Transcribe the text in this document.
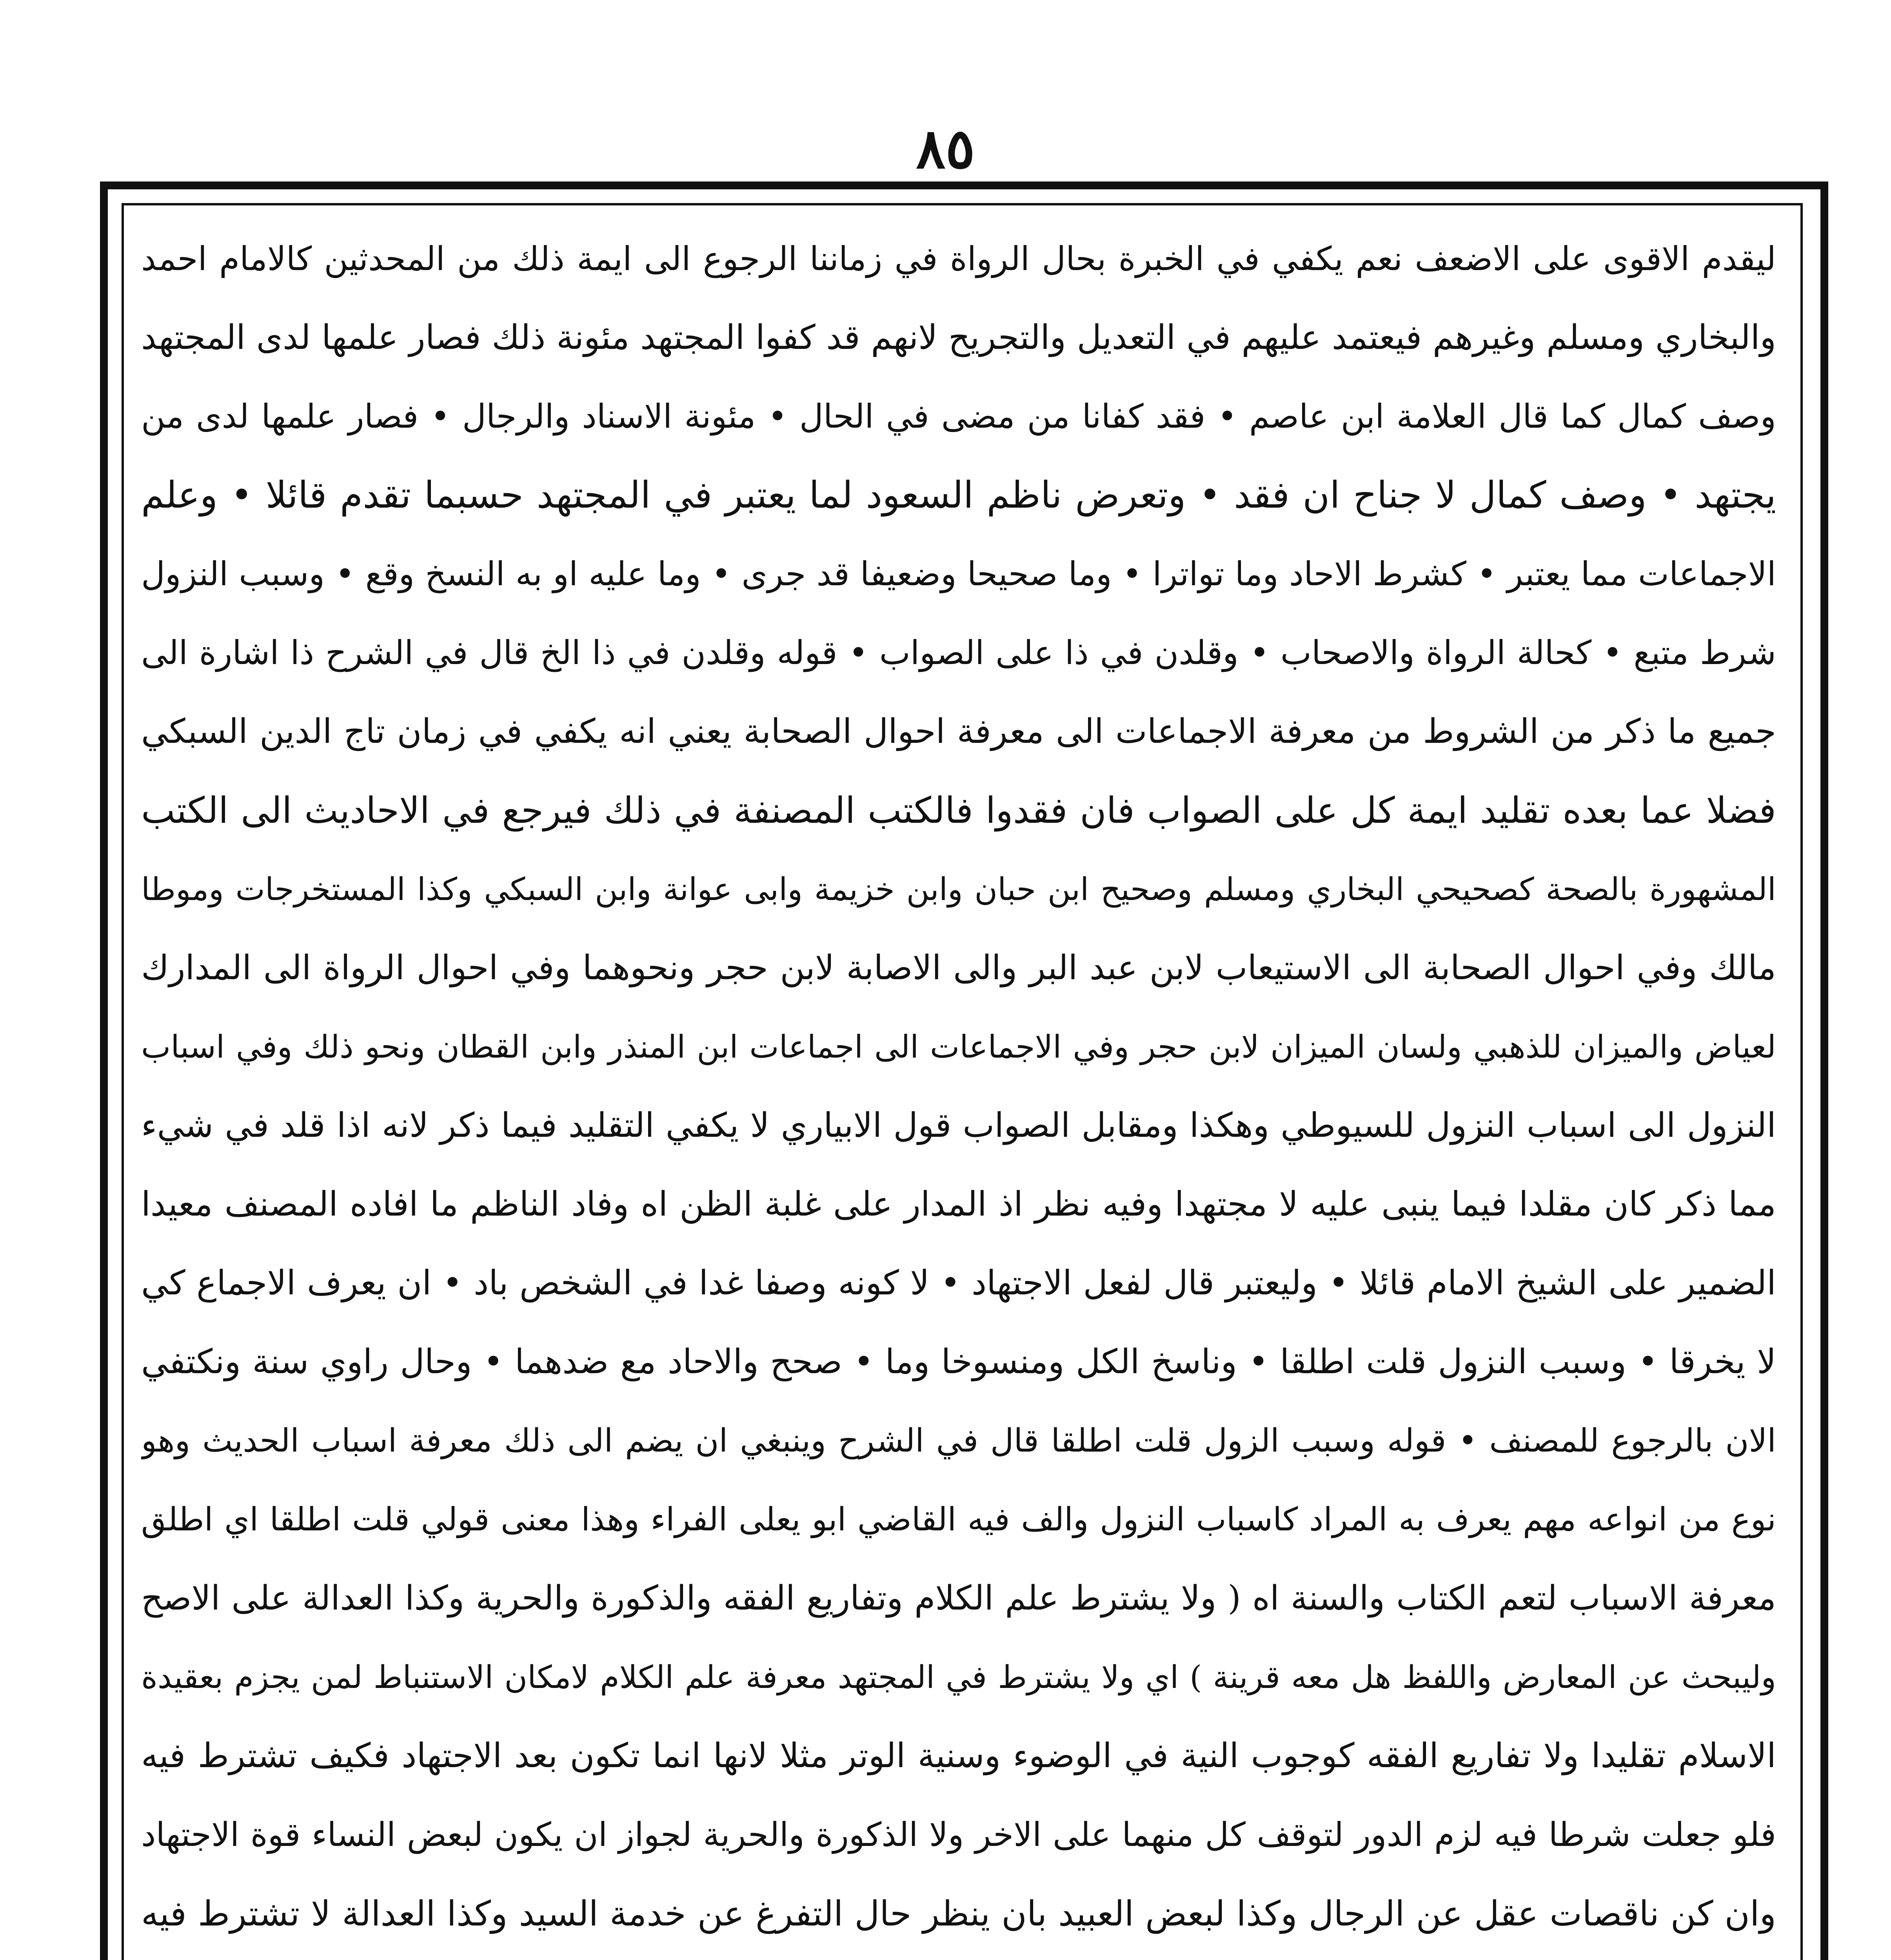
٨٥
ليقدم الاقوى على الاضعف نعم يكفي في الخبرة بحال الرواة في زماننا الرجوع الى ايمة ذلك من المحدثين كالامام احمد
والبخاري ومسلم وغيرهم فيعتمد عليهم في التعديل والتجريح لانهم قد كفوا المجتهد مئونة ذلك فصار علمها لدى المجتهد
وصف كمال كما قال العلامة ابن عاصم • فقد كفانا من مضى في الحال • مئونة الاسناد والرجال • فصار علمها لدى من
يجتهد • وصف كمال لا جناح ان فقد • وتعرض ناظم السعود لما يعتبر في المجتهد حسبما تقدم قائلا • وعلم
الاجماعات مما يعتبر • كشرط الاحاد وما تواترا • وما صحيحا وضعيفا قد جرى • وما عليه او به النسخ وقع • وسبب النزول
شرط متبع • كحالة الرواة والاصحاب • وقلدن في ذا على الصواب • قوله وقلدن في ذا الخ قال في الشرح ذا اشارة الى
جميع ما ذكر من الشروط من معرفة الاجماعات الى معرفة احوال الصحابة يعني انه يكفي في زمان تاج الدين السبكي
فضلا عما بعده تقليد ايمة كل على الصواب فان فقدوا فالكتب المصنفة في ذلك فيرجع في الاحاديث الى الكتب
المشهورة بالصحة كصحيحي البخاري ومسلم وصحيح ابن حبان وابن خزيمة وابى عوانة وابن السبكي وكذا المستخرجات وموطا
مالك وفي احوال الصحابة الى الاستيعاب لابن عبد البر والى الاصابة لابن حجر ونحوهما وفي احوال الرواة الى المدارك
لعياض والميزان للذهبي ولسان الميزان لابن حجر وفي الاجماعات الى اجماعات ابن المنذر وابن القطان ونحو ذلك وفي اسباب
النزول الى اسباب النزول للسيوطي وهكذا ومقابل الصواب قول الابياري لا يكفي التقليد فيما ذكر لانه اذا قلد في شيء
مما ذكر كان مقلدا فيما ينبى عليه لا مجتهدا وفيه نظر اذ المدار على غلبة الظن اه وفاد الناظم ما افاده المصنف معيدا
الضمير على الشيخ الامام قائلا • وليعتبر قال لفعل الاجتهاد • لا كونه وصفا غدا في الشخص باد • ان يعرف الاجماع كي
لا يخرقا • وسبب النزول قلت اطلقا • وناسخ الكل ومنسوخا وما • صحح والاحاد مع ضدهما • وحال راوي سنة ونكتفي
الان بالرجوع للمصنف • قوله وسبب الزول قلت اطلقا قال في الشرح وينبغي ان يضم الى ذلك معرفة اسباب الحديث وهو
نوع من انواعه مهم يعرف به المراد كاسباب النزول والف فيه القاضي ابو يعلى الفراء وهذا معنى قولي قلت اطلقا اي اطلق
معرفة الاسباب لتعم الكتاب والسنة اه ( ولا يشترط علم الكلام وتفاريع الفقه والذكورة والحرية وكذا العدالة على الاصح
وليبحث عن المعارض واللفظ هل معه قرينة ) اي ولا يشترط في المجتهد معرفة علم الكلام لامكان الاستنباط لمن يجزم بعقيدة
الاسلام تقليدا ولا تفاريع الفقه كوجوب النية في الوضوء وسنية الوتر مثلا لانها انما تكون بعد الاجتهاد فكيف تشترط فيه
فلو جعلت شرطا فيه لزم الدور لتوقف كل منهما على الاخر ولا الذكورة والحرية لجواز ان يكون لبعض النساء قوة الاجتهاد
وان كن ناقصات عقل عن الرجال وكذا لبعض العبيد بان ينظر حال التفرغ عن خدمة السيد وكذا العدالة لا تشترط فيه
